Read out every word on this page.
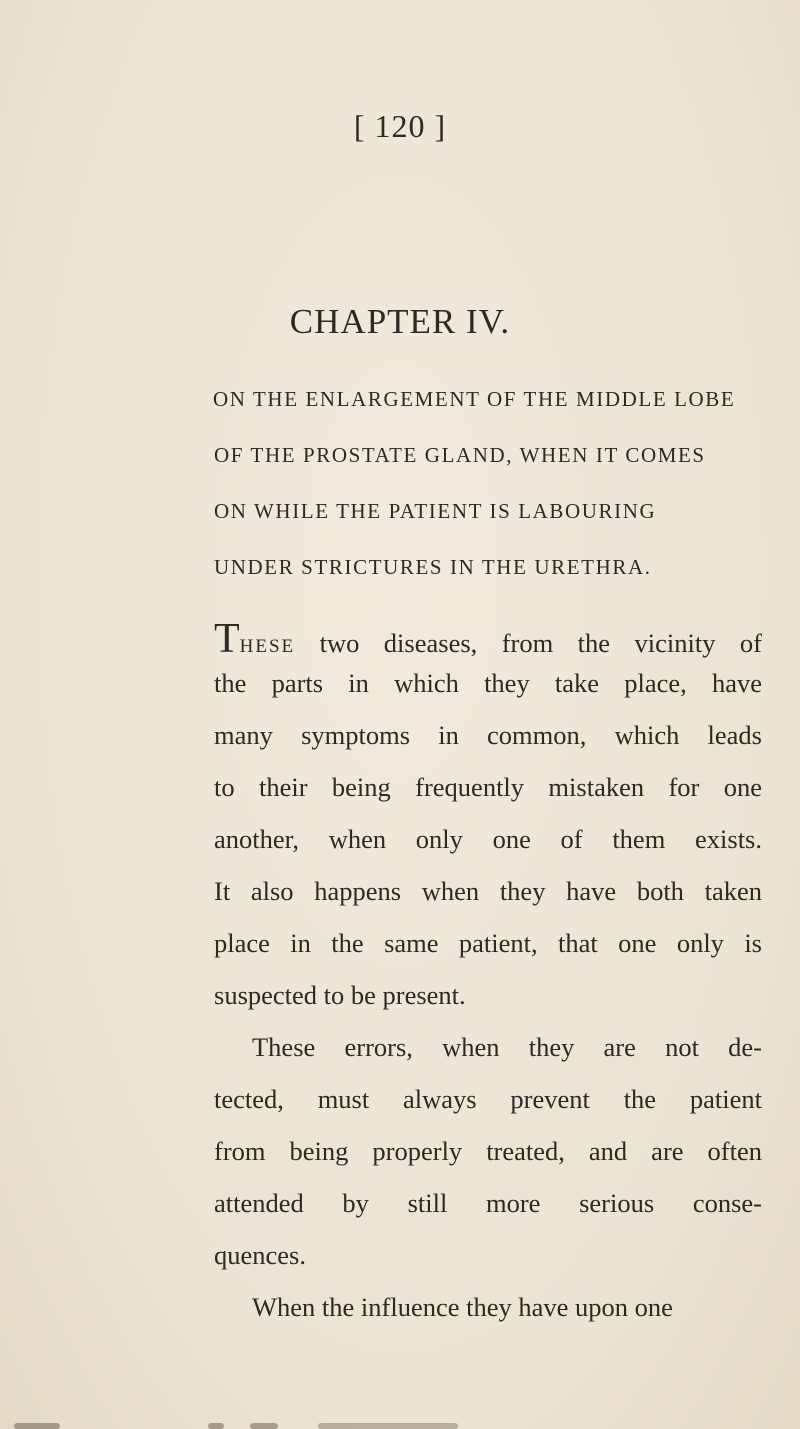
[ 120 ]
CHAPTER IV.
ON THE ENLARGEMENT OF THE MIDDLE LOBE
OF THE PROSTATE GLAND, WHEN IT COMES
ON WHILE THE PATIENT IS LABOURING
UNDER STRICTURES IN THE URETHRA.
THESE two diseases, from the vicinity of
the parts in which they take place, have
many symptoms in common, which leads
to their being frequently mistaken for one
another, when only one of them exists.
It also happens when they have both taken
place in the same patient, that one only is
suspected to be present.
These errors, when they are not de-
tected, must always prevent the patient
from being properly treated, and are often
attended by still more serious conse-
quences.
When the influence they have upon one
